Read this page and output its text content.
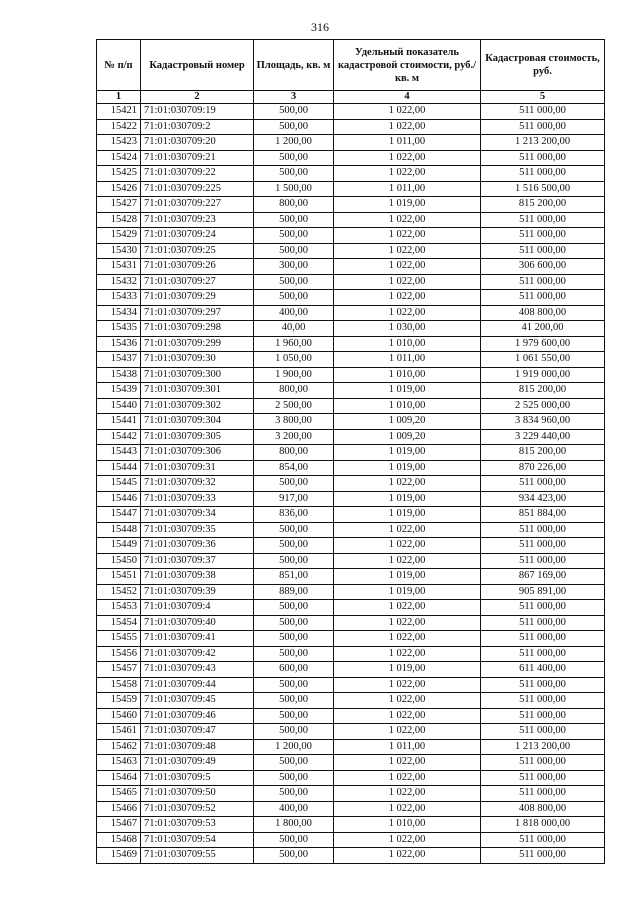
316
№ п/п	Кадастровый номер	Площадь, кв. м	Удельный показатель кадастровой стоимости, руб./кв. м	Кадастровая стоимость, руб.
1	2	3	4	5
15421	71:01:030709:19	500,00	1 022,00	511 000,00
15422	71:01:030709:2	500,00	1 022,00	511 000,00
15423	71:01:030709:20	1 200,00	1 011,00	1 213 200,00
15424	71:01:030709:21	500,00	1 022,00	511 000,00
15425	71:01:030709:22	500,00	1 022,00	511 000,00
15426	71:01:030709:225	1 500,00	1 011,00	1 516 500,00
15427	71:01:030709:227	800,00	1 019,00	815 200,00
15428	71:01:030709:23	500,00	1 022,00	511 000,00
15429	71:01:030709:24	500,00	1 022,00	511 000,00
15430	71:01:030709:25	500,00	1 022,00	511 000,00
15431	71:01:030709:26	300,00	1 022,00	306 600,00
15432	71:01:030709:27	500,00	1 022,00	511 000,00
15433	71:01:030709:29	500,00	1 022,00	511 000,00
15434	71:01:030709:297	400,00	1 022,00	408 800,00
15435	71:01:030709:298	40,00	1 030,00	41 200,00
15436	71:01:030709:299	1 960,00	1 010,00	1 979 600,00
15437	71:01:030709:30	1 050,00	1 011,00	1 061 550,00
15438	71:01:030709:300	1 900,00	1 010,00	1 919 000,00
15439	71:01:030709:301	800,00	1 019,00	815 200,00
15440	71:01:030709:302	2 500,00	1 010,00	2 525 000,00
15441	71:01:030709:304	3 800,00	1 009,20	3 834 960,00
15442	71:01:030709:305	3 200,00	1 009,20	3 229 440,00
15443	71:01:030709:306	800,00	1 019,00	815 200,00
15444	71:01:030709:31	854,00	1 019,00	870 226,00
15445	71:01:030709:32	500,00	1 022,00	511 000,00
15446	71:01:030709:33	917,00	1 019,00	934 423,00
15447	71:01:030709:34	836,00	1 019,00	851 884,00
15448	71:01:030709:35	500,00	1 022,00	511 000,00
15449	71:01:030709:36	500,00	1 022,00	511 000,00
15450	71:01:030709:37	500,00	1 022,00	511 000,00
15451	71:01:030709:38	851,00	1 019,00	867 169,00
15452	71:01:030709:39	889,00	1 019,00	905 891,00
15453	71:01:030709:4	500,00	1 022,00	511 000,00
15454	71:01:030709:40	500,00	1 022,00	511 000,00
15455	71:01:030709:41	500,00	1 022,00	511 000,00
15456	71:01:030709:42	500,00	1 022,00	511 000,00
15457	71:01:030709:43	600,00	1 019,00	611 400,00
15458	71:01:030709:44	500,00	1 022,00	511 000,00
15459	71:01:030709:45	500,00	1 022,00	511 000,00
15460	71:01:030709:46	500,00	1 022,00	511 000,00
15461	71:01:030709:47	500,00	1 022,00	511 000,00
15462	71:01:030709:48	1 200,00	1 011,00	1 213 200,00
15463	71:01:030709:49	500,00	1 022,00	511 000,00
15464	71:01:030709:5	500,00	1 022,00	511 000,00
15465	71:01:030709:50	500,00	1 022,00	511 000,00
15466	71:01:030709:52	400,00	1 022,00	408 800,00
15467	71:01:030709:53	1 800,00	1 010,00	1 818 000,00
15468	71:01:030709:54	500,00	1 022,00	511 000,00
15469	71:01:030709:55	500,00	1 022,00	511 000,00
